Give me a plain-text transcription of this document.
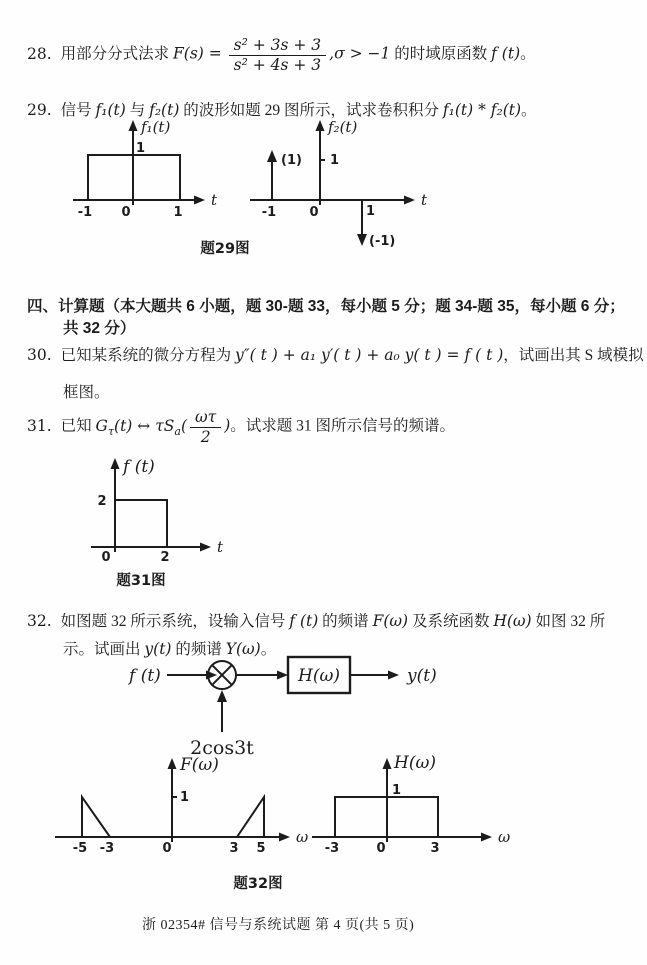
28. 用部分分式法求 $F(s) = \frac{\text{s² + 3s + 3}}{\text{s² + 4s + 3}} ,\sigma > -1$ 的时域原函数 f (t)。
29. 信号 f₁(t) 与 f₂(t) 的波形如题 29 图所示，试求卷积积分 f₁(t) * f₂(t)。
t
f₁(t)
1
-1 0	1
t
f₂(t)
1
(1)
(-1)
-1	0	1
题29图
四、计算题（本大题共 6 小题，题 30-题 33，每小题 5 分；题 34-题 35，每小题 6 分；
共 32 分）
30. 已知某系统的微分方程为 y″( t ) + a₁ y′( t ) + a₀ y( t ) = f ( t )，试画出其 S 域模拟
框图。
31. 已知 $G_\tau(t)$ ↔ $\tau S_a( \frac{\omega\tau}{2}$ )。试求题 31 图所示信号的频谱。
f (t)
t
2
0	2
题31图
32. 如图题 32 所示系统，设输入信号 f (t) 的频谱 F(ω) 及系统函数 H(ω) 如图 32 所
示。试画出 y(t) 的频谱 Y(ω)。
f (t)	H(ω)	y(t)
2cos3t
ω
F(ω)
1
-5 -3	0	3 5
ω
H(ω)
1
-3	0	3
题32图
浙 02354# 信号与系统试题 第 4 页(共 5 页)
